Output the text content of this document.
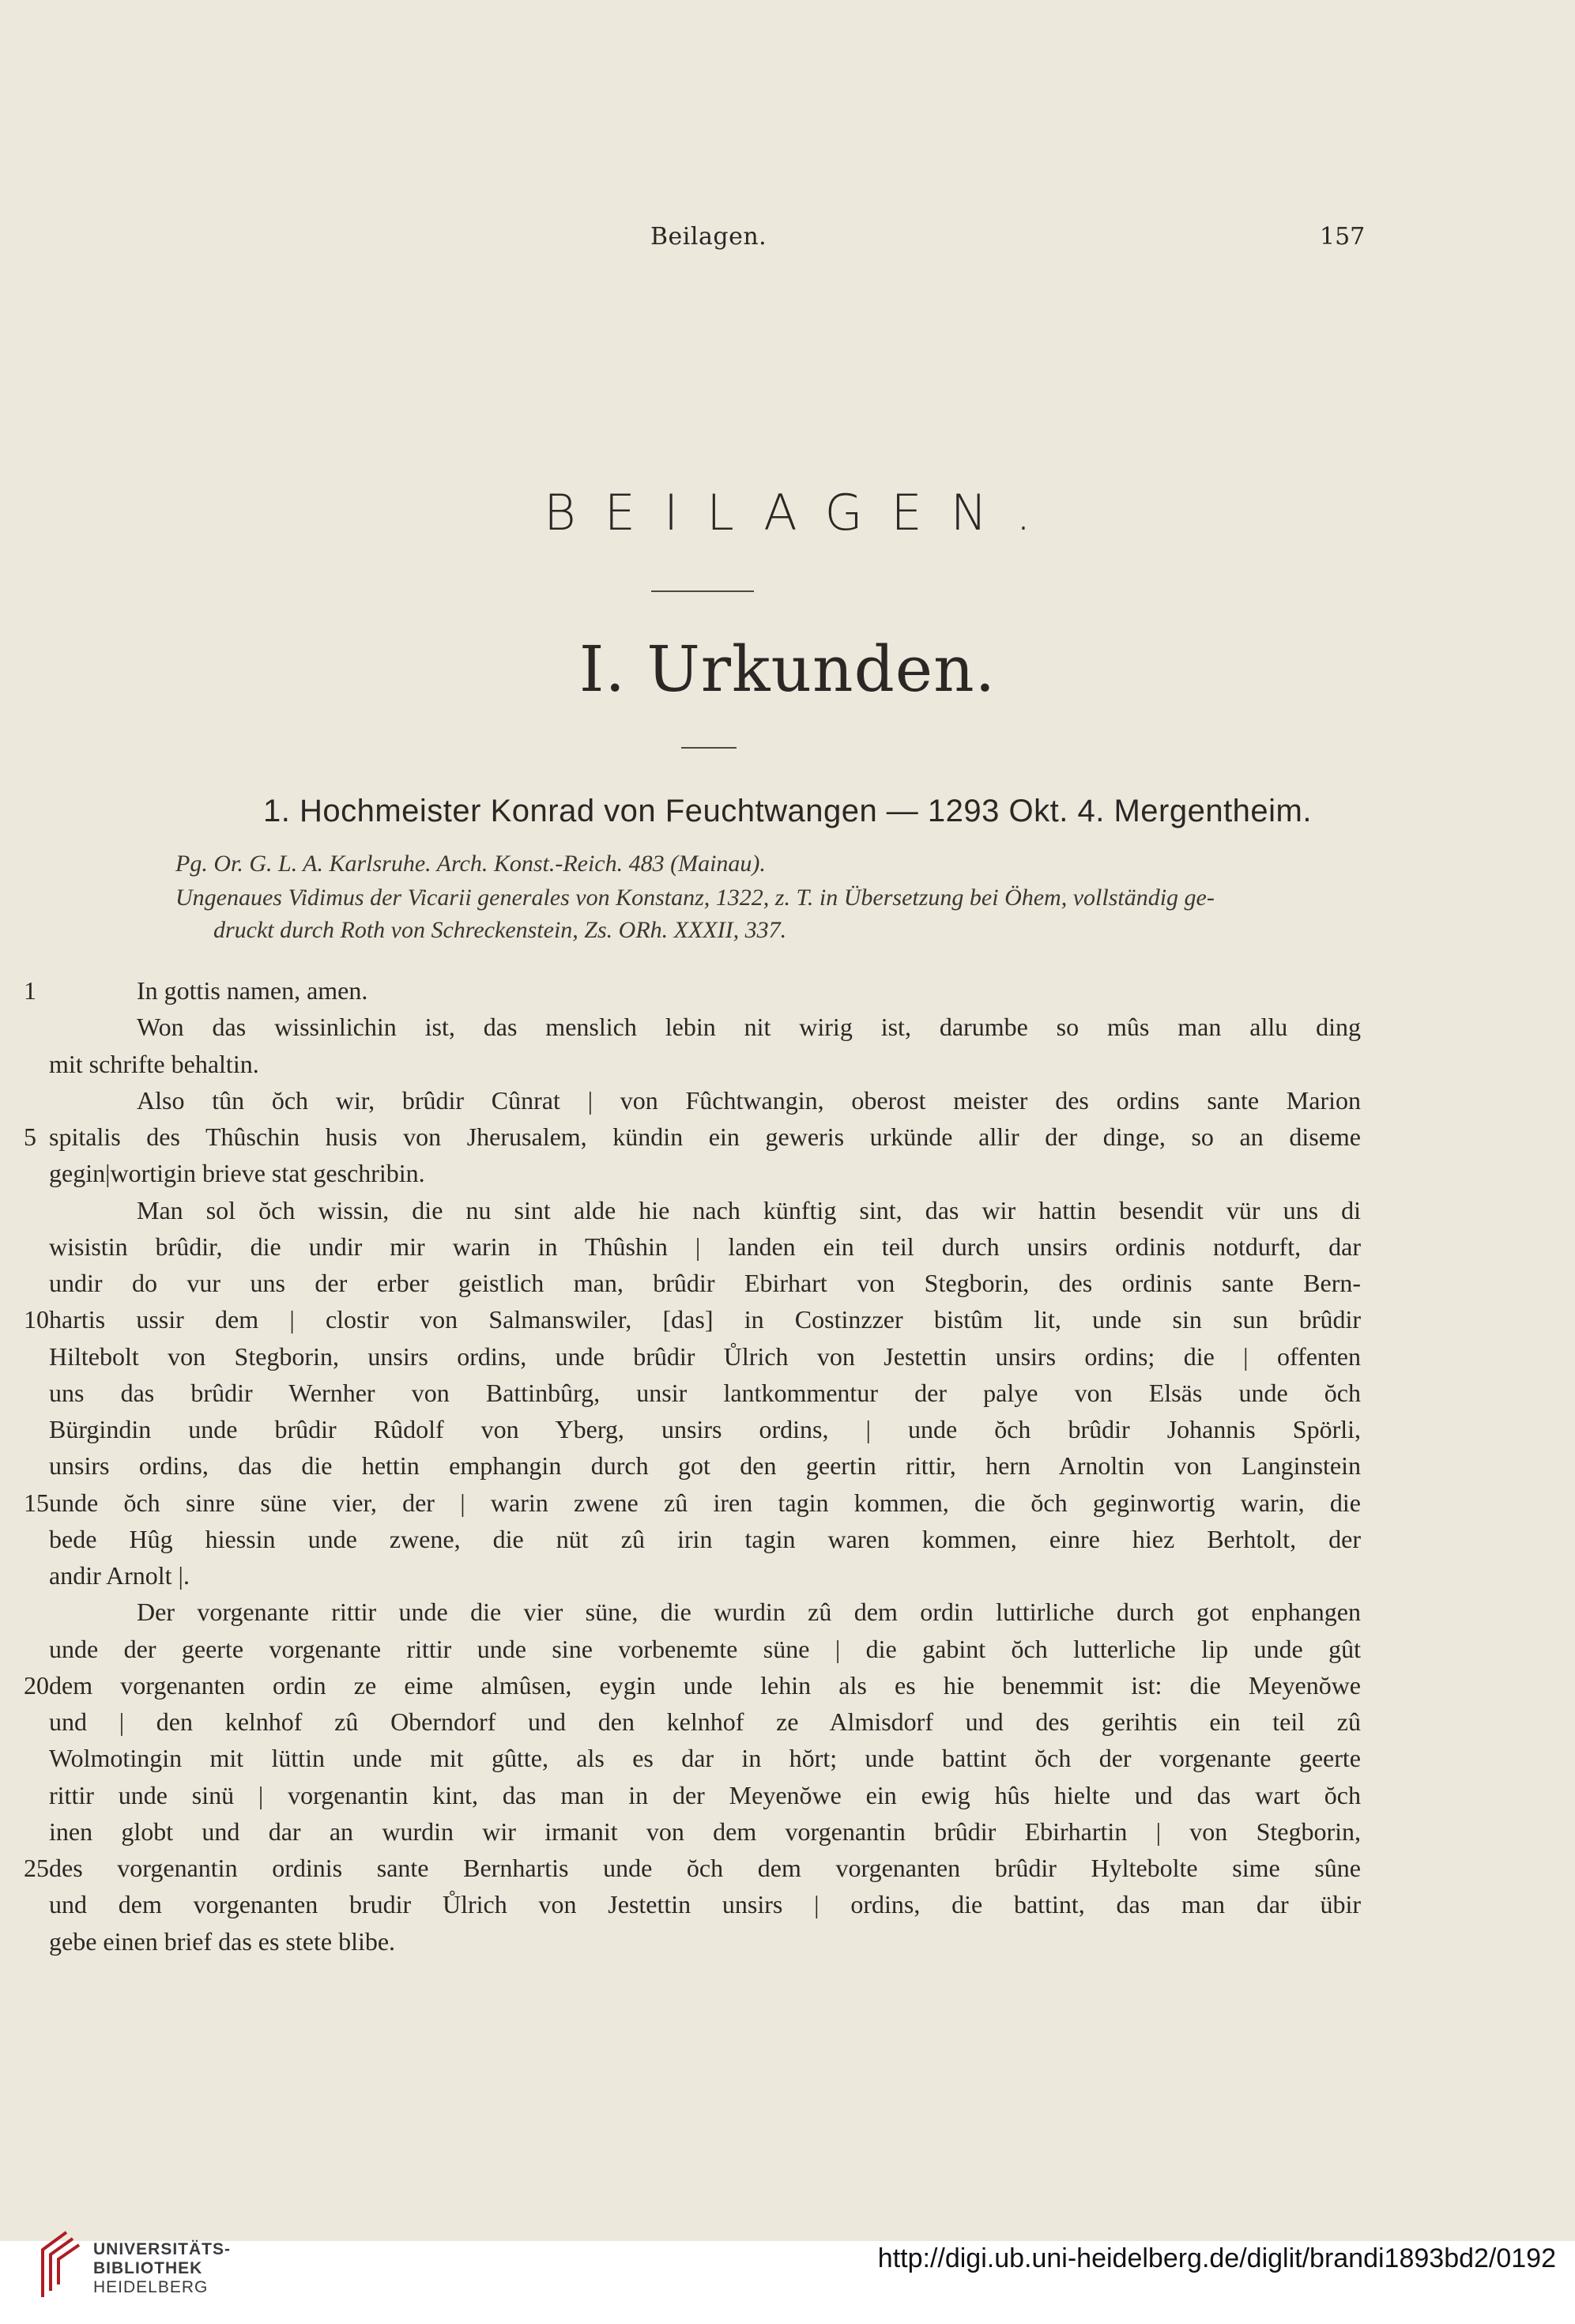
Beilagen.	157
BEILAGEN.
I. Urkunden.
1. Hochmeister Konrad von Feuchtwangen — 1293 Okt. 4. Mergentheim.
Pg. Or. G. L. A. Karlsruhe. Arch. Konst.-Reich. 483 (Mainau).
Ungenaues Vidimus der Vicarii generales von Konstanz, 1322, z. T. in Übersetzung bei Öhem, vollständig ge-
druckt durch Roth von Schreckenstein, Zs. ORh. XXXII, 337.
In gottis namen, amen.
1
Won das wissinlichin ist, das menslich lebin nit wirig ist, darumbe so mûs man allu ding
mit schrifte behaltin.
Also tûn ŏch wir, brûdir Cûnrat | von Fûchtwangin, oberost meister des ordins sante Marion
spitalis des Thûschin husis von Jherusalem, kündin ein geweris urkünde allir der dinge, so an diseme
5
gegin|wortigin brieve stat geschribin.
Man sol ŏch wissin, die nu sint alde hie nach künftig sint, das wir hattin besendit vür uns di
wisistin brûdir, die undir mir warin in Thûshin | landen ein teil durch unsirs ordinis notdurft, dar
undir do vur uns der erber geistlich man, brûdir Ebirhart von Stegborin, des ordinis sante Bern-
hartis ussir dem | clostir von Salmanswiler, [das] in Costinzzer bistûm lit, unde sin sun brûdir
10
Hiltebolt von Stegborin, unsirs ordins, unde brûdir Ůlrich von Jestettin unsirs ordins; die | offenten
uns das brûdir Wernher von Battinbûrg, unsir lantkommentur der palye von Elsäs unde ŏch
Bürgindin unde brûdir Rûdolf von Yberg, unsirs ordins, | unde ŏch brûdir Johannis Spörli,
unsirs ordins, das die hettin emphangin durch got den geertin rittir, hern Arnoltin von Langinstein
unde ŏch sinre süne vier, der | warin zwene zû iren tagin kommen, die ŏch geginwortig warin, die
15
bede Hûg hiessin unde zwene, die nüt zû irin tagin waren kommen, einre hiez Berhtolt, der
andir Arnolt |.
Der vorgenante rittir unde die vier süne, die wurdin zû dem ordin luttirliche durch got enphangen
unde der geerte vorgenante rittir unde sine vorbenemte süne | die gabint ŏch lutterliche lip unde gût
dem vorgenanten ordin ze eime almûsen, eygin unde lehin als es hie benemmit ist: die Meyenŏwe
20
und | den kelnhof zû Oberndorf und den kelnhof ze Almisdorf und des gerihtis ein teil zû
Wolmotingin mit lüttin unde mit gûtte, als es dar in hŏrt; unde battint ŏch der vorgenante geerte
rittir unde sinü | vorgenantin kint, das man in der Meyenŏwe ein ewig hûs hielte und das wart ŏch
inen globt und dar an wurdin wir irmanit von dem vorgenantin brûdir Ebirhartin | von Stegborin,
des vorgenantin ordinis sante Bernhartis unde ŏch dem vorgenanten brûdir Hyltebolte sime sûne
25
und dem vorgenanten brudir Ůlrich von Jestettin unsirs | ordins, die battint, das man dar übir
gebe einen brief das es stete blibe.
UNIVERSITÄTS-
BIBLIOTHEK
HEIDELBERG
http://digi.ub.uni-heidelberg.de/diglit/brandi1893bd2/0192
